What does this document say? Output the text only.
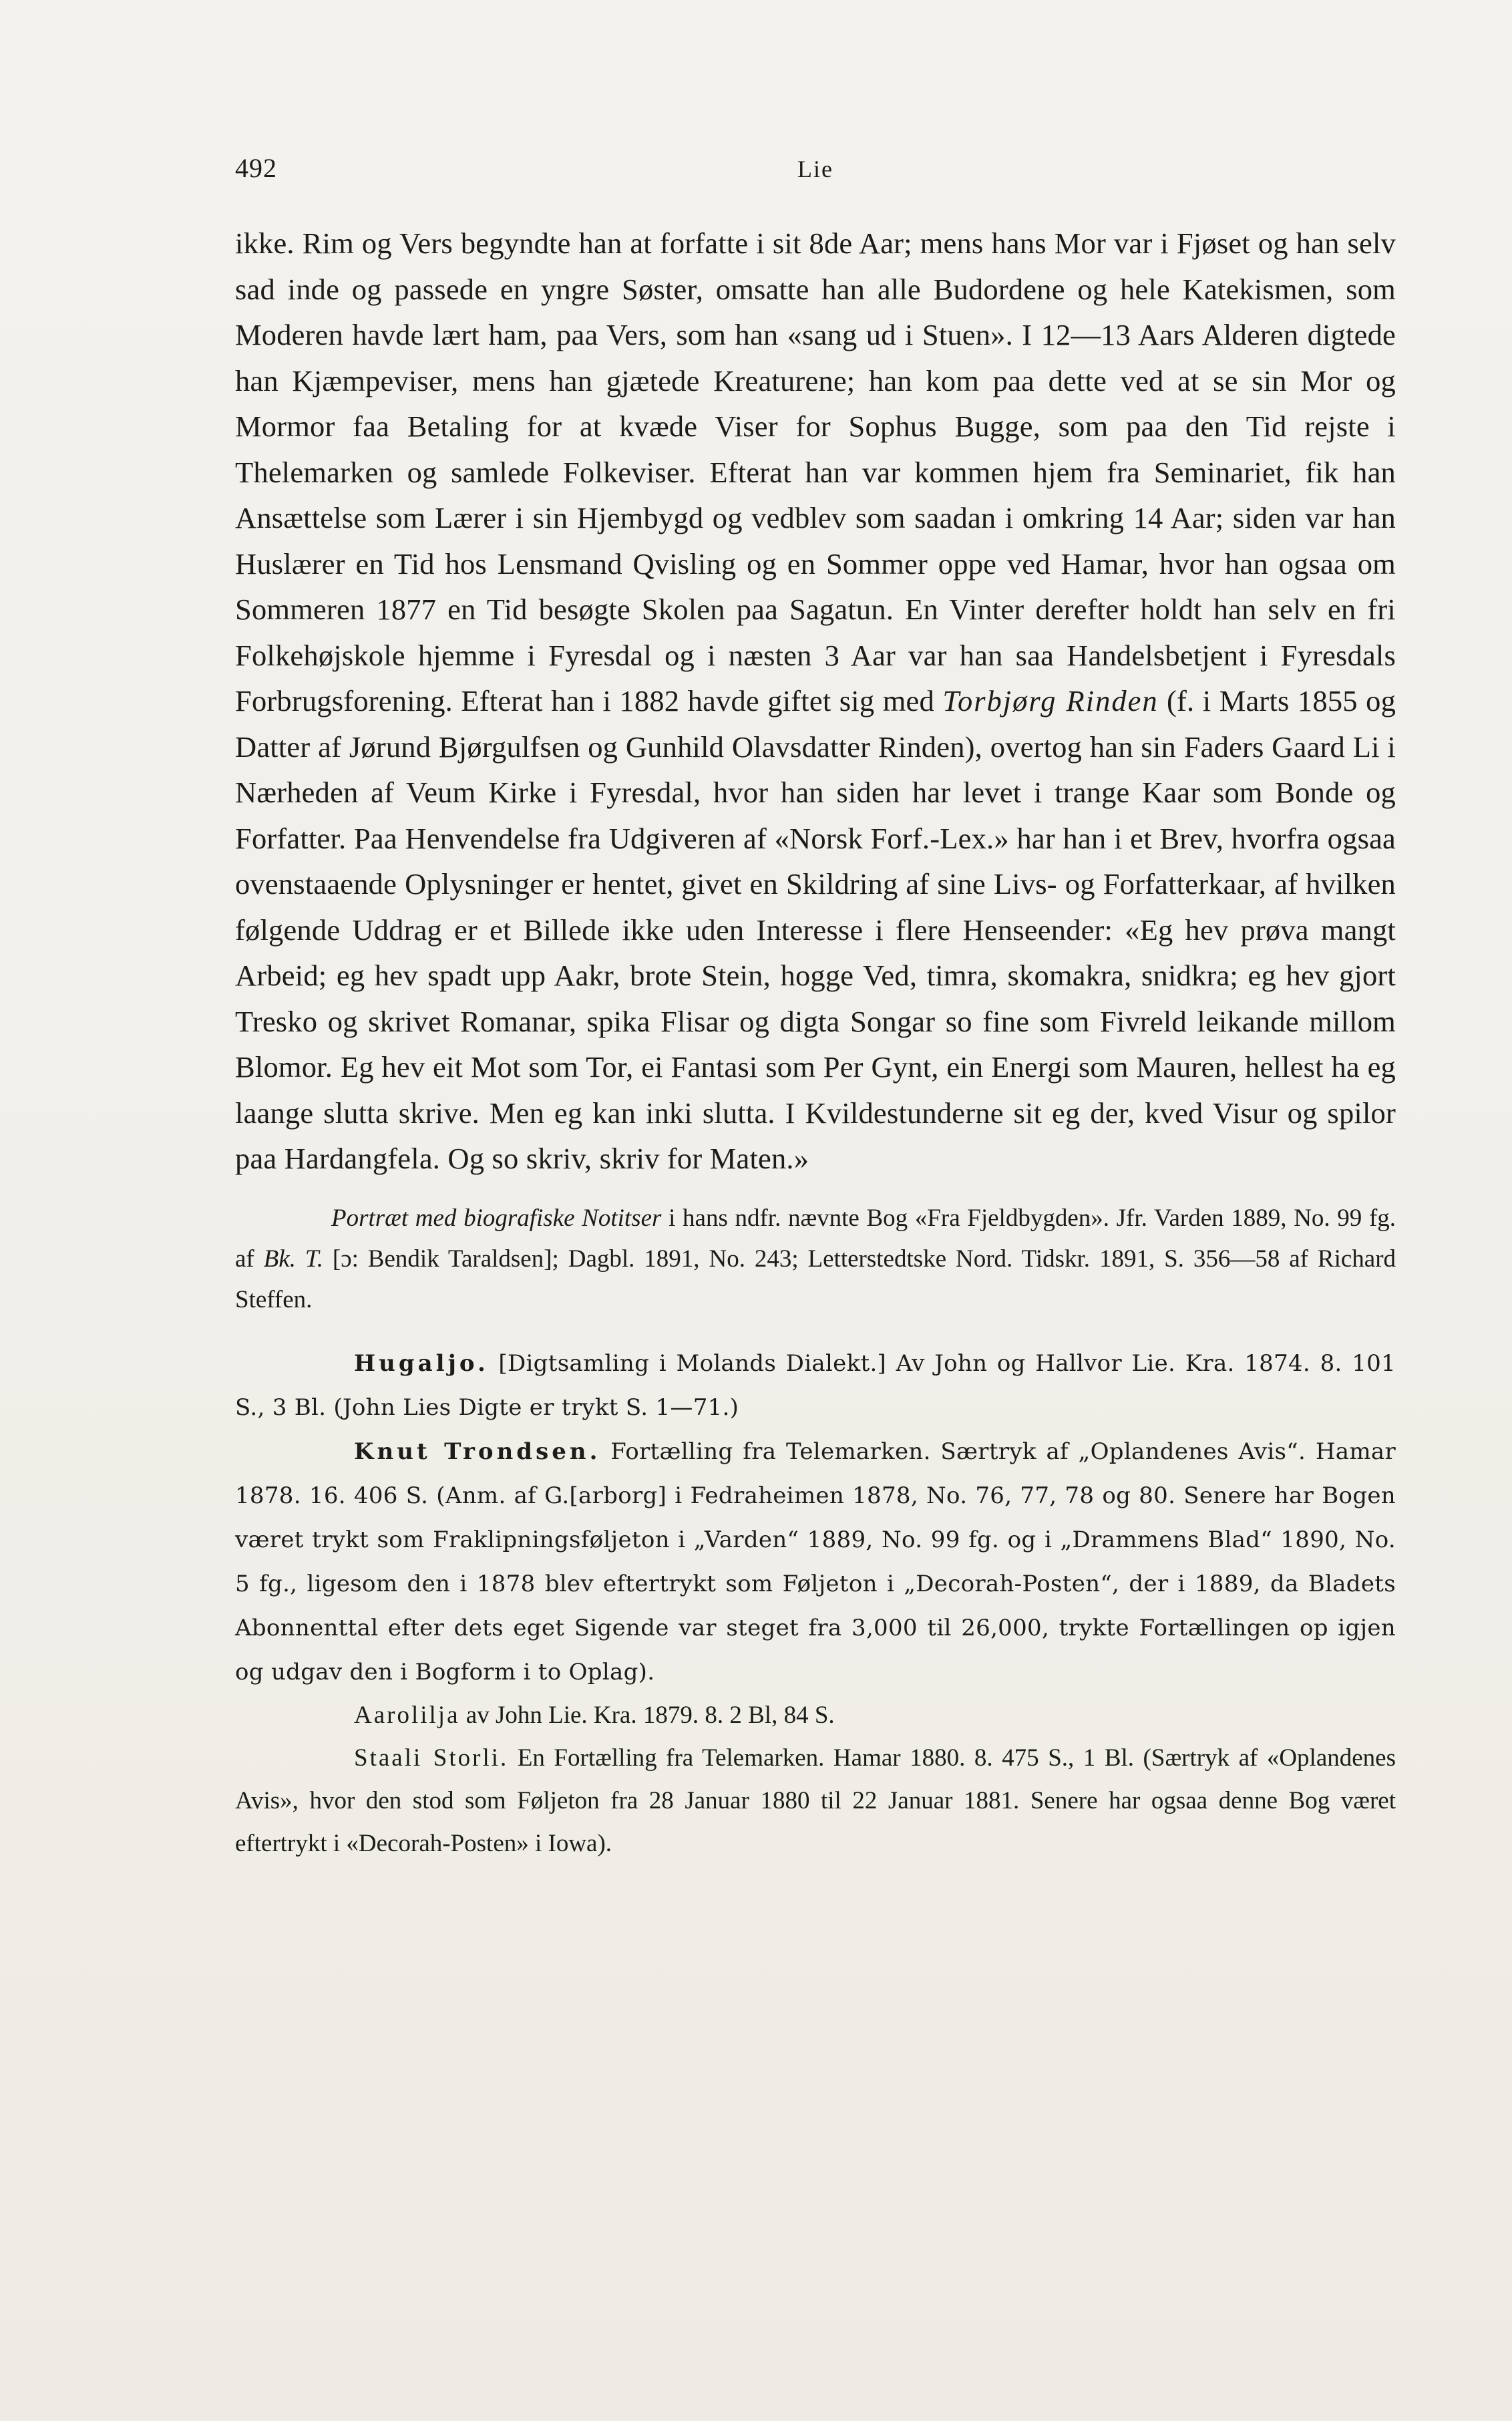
492	Lie

ikke. Rim og Vers begyndte han at forfatte i sit 8de Aar; mens hans Mor var i Fjøset og han selv sad inde og passede en yngre Søster, omsatte han alle Budordene og hele Katekismen, som Moderen havde lært ham, paa Vers, som han «sang ud i Stuen». I 12—13 Aars Alderen digtede han Kjæmpeviser, mens han gjætede Kreaturene; han kom paa dette ved at se sin Mor og Mormor faa Betaling for at kvæde Viser for Sophus Bugge, som paa den Tid rejste i Thelemarken og samlede Folkeviser. Efterat han var kommen hjem fra Seminariet, fik han Ansættelse som Lærer i sin Hjembygd og vedblev som saadan i omkring 14 Aar; siden var han Huslærer en Tid hos Lensmand Qvisling og en Sommer oppe ved Hamar, hvor han ogsaa om Sommeren 1877 en Tid besøgte Skolen paa Sagatun. En Vinter derefter holdt han selv en fri Folkehøjskole hjemme i Fyresdal og i næsten 3 Aar var han saa Handelsbetjent i Fyresdals Forbrugsforening. Efterat han i 1882 havde giftet sig med Torbjørg Rinden (f. i Marts 1855 og Datter af Jørund Bjørgulfsen og Gunhild Olavsdatter Rinden), overtog han sin Faders Gaard Li i Nærheden af Veum Kirke i Fyresdal, hvor han siden har levet i trange Kaar som Bonde og Forfatter. Paa Henvendelse fra Udgiveren af «Norsk Forf.-Lex.» har han i et Brev, hvorfra ogsaa ovenstaaende Oplysninger er hentet, givet en Skildring af sine Livs- og Forfatterkaar, af hvilken følgende Uddrag er et Billede ikke uden Interesse i flere Henseender: «Eg hev prøva mangt Arbeid; eg hev spadt upp Aakr, brote Stein, hogge Ved, timra, skomakra, snidkra; eg hev gjort Tresko og skrivet Romanar, spika Flisar og digta Songar so fine som Fivreld leikande millom Blomor. Eg hev eit Mot som Tor, ei Fantasi som Per Gynt, ein Energi som Mauren, hellest ha eg laange slutta skrive. Men eg kan inki slutta. I Kvildestunderne sit eg der, kved Visur og spilor paa Hardangfela. Og so skriv, skriv for Maten.»

Portræt med biografiske Notitser i hans ndfr. nævnte Bog «Fra Fjeldbygden». Jfr. Varden 1889, No. 99 fg. af Bk. T. [ɔ: Bendik Taraldsen]; Dagbl. 1891, No. 243; Letterstedtske Nord. Tidskr. 1891, S. 356—58 af Richard Steffen.

Hugaljo. [Digtsamling i Molands Dialekt.] Av John og Hallvor Lie. Kra. 1874. 8. 101 S., 3 Bl. (John Lies Digte er trykt S. 1—71.)

Knut Trondsen. Fortælling fra Telemarken. Særtryk af „Oplandenes Avis“. Hamar 1878. 16. 406 S. (Anm. af G.[arborg] i Fedraheimen 1878, No. 76, 77, 78 og 80. Senere har Bogen været trykt som Fraklipningsføljeton i „Varden“ 1889, No. 99 fg. og i „Drammens Blad“ 1890, No. 5 fg., ligesom den i 1878 blev eftertrykt som Føljeton i „Decorah-Posten“, der i 1889, da Bladets Abonnenttal efter dets eget Sigende var steget fra 3,000 til 26,000, trykte Fortællingen op igjen og udgav den i Bogform i to Oplag).

Aarolilja av John Lie. Kra. 1879. 8. 2 Bl, 84 S.

Staali Storli. En Fortælling fra Telemarken. Hamar 1880. 8. 475 S., 1 Bl. (Særtryk af «Oplandenes Avis», hvor den stod som Føljeton fra 28 Januar 1880 til 22 Januar 1881. Senere har ogsaa denne Bog været eftertrykt i «Decorah-Posten» i Iowa).
